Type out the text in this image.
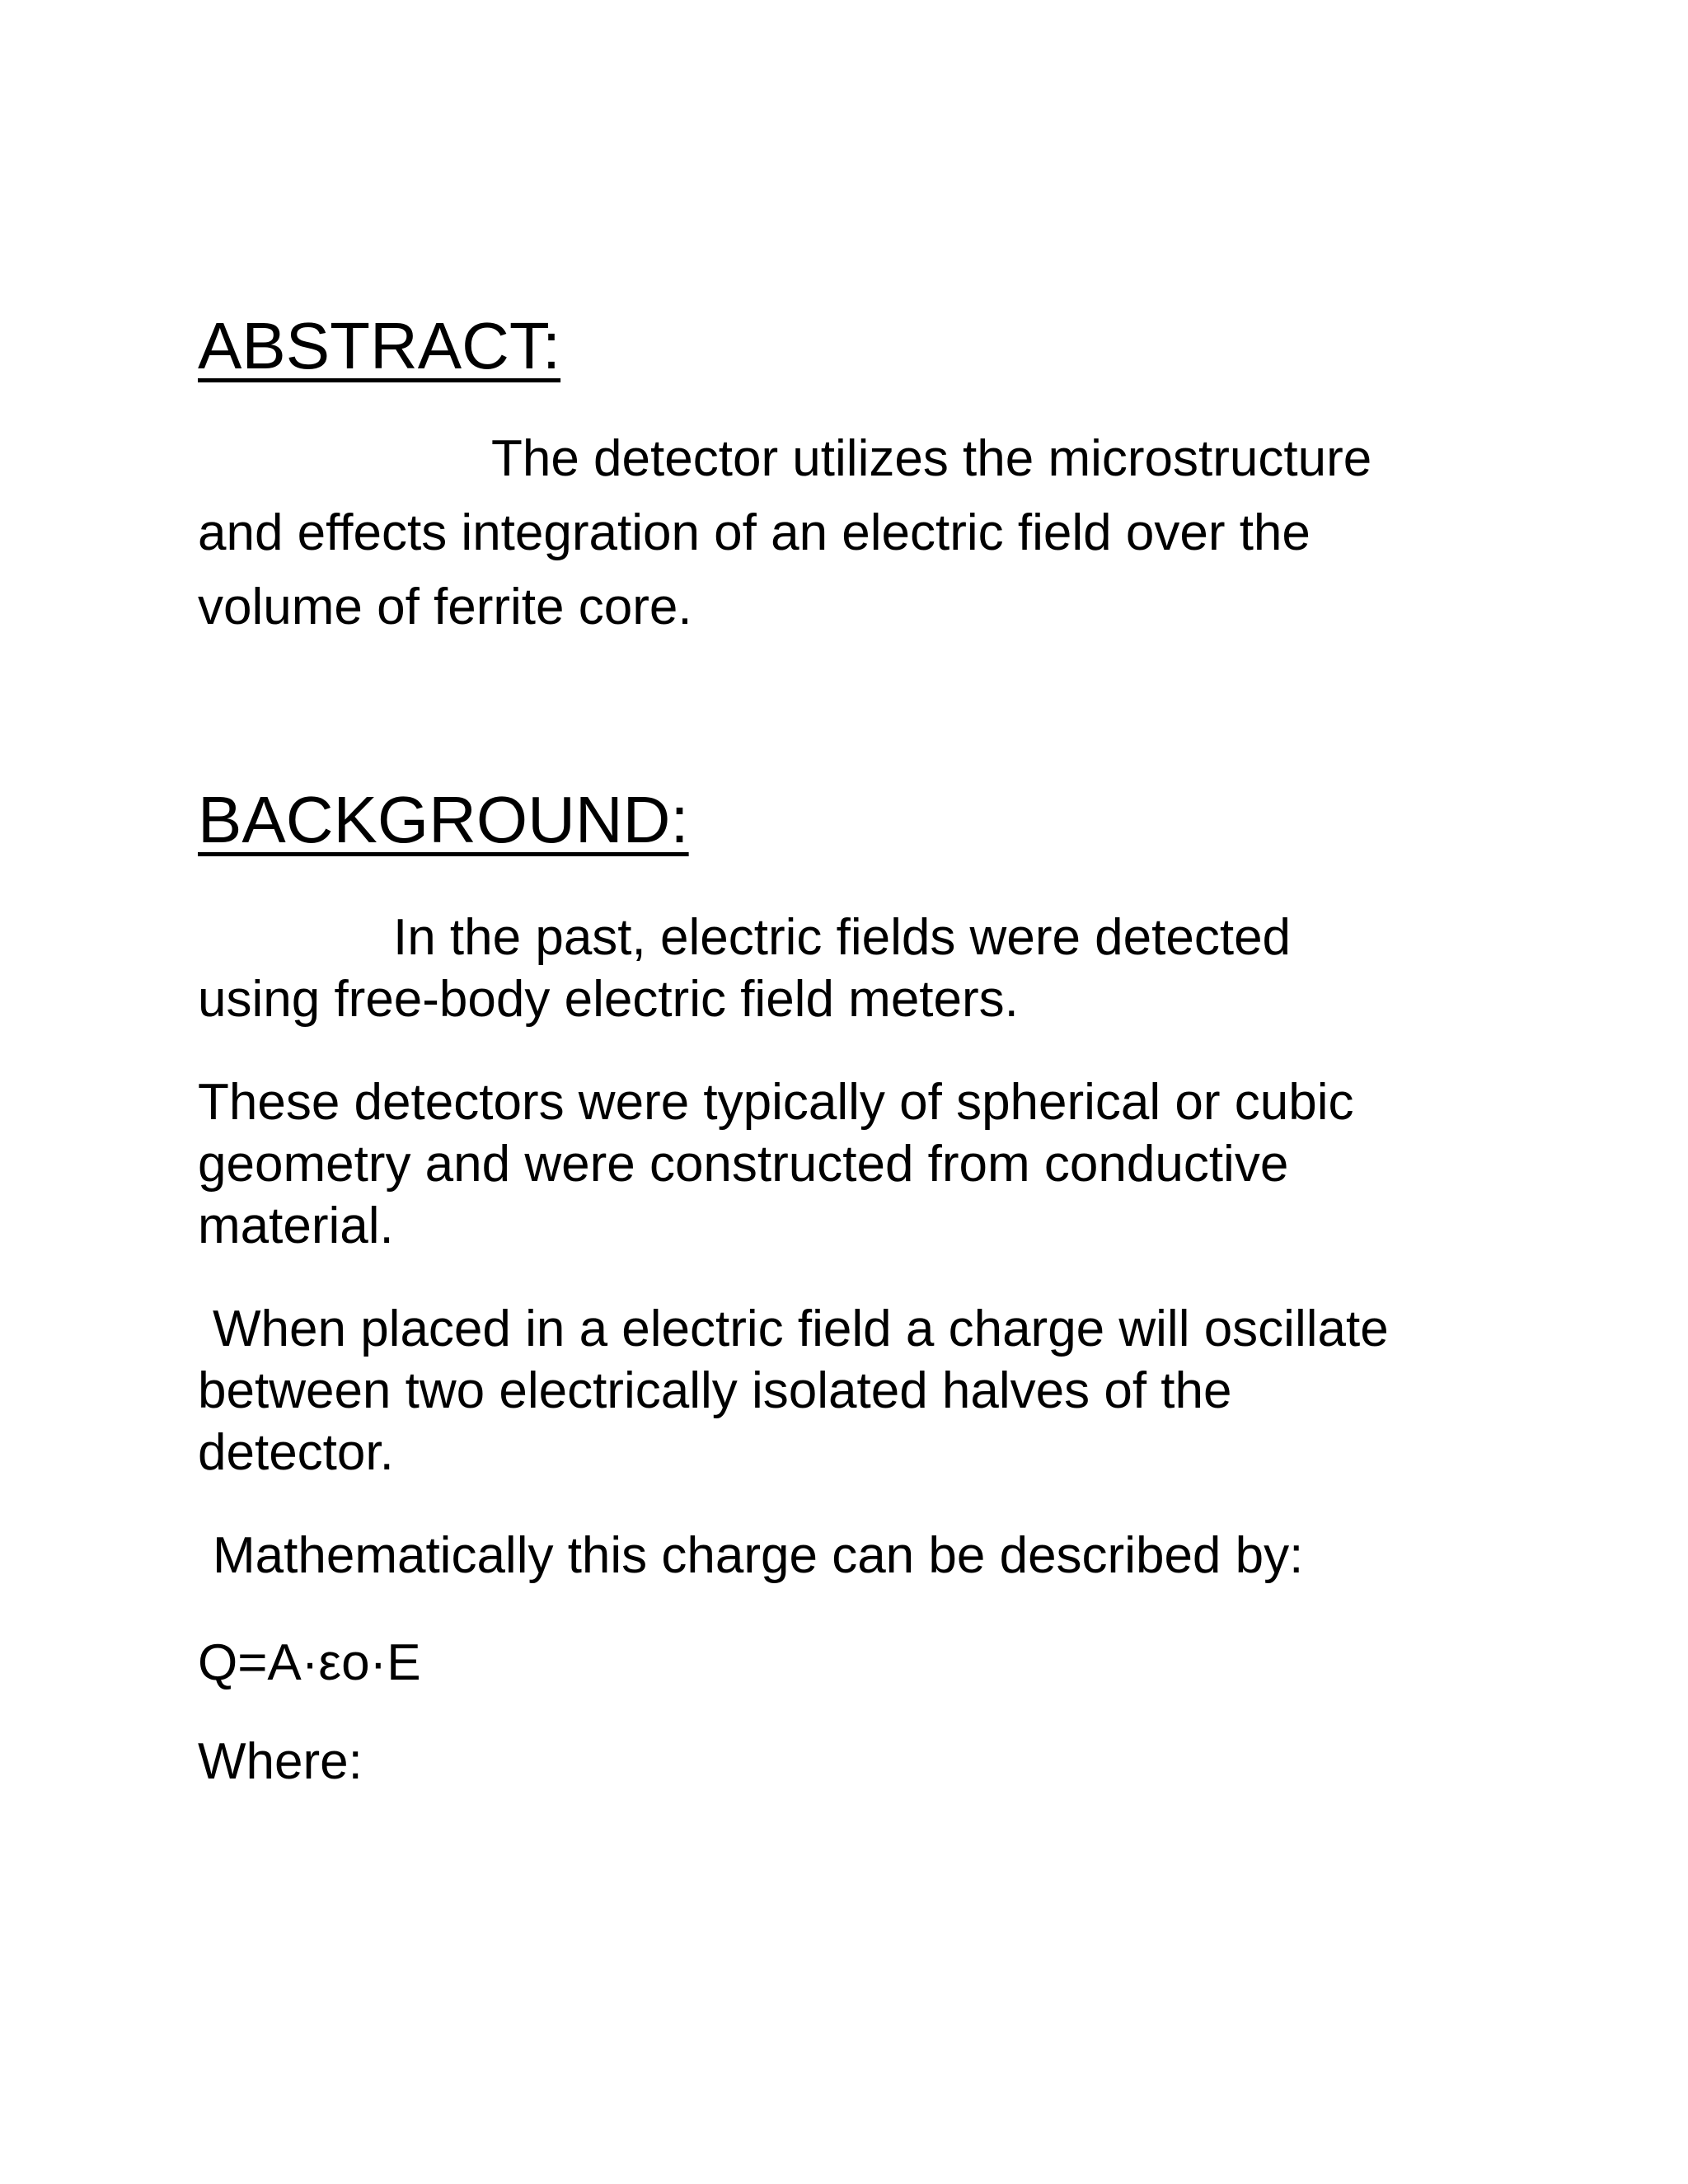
ABSTRACT:

The detector utilizes the microstructure
and effects integration of an electric field over the
volume of ferrite core.

BACKGROUND:

In the past, electric fields were detected
using free-body electric field meters.

These detectors were typically of spherical or cubic
geometry and were constructed from conductive
material.

When placed in a electric field a charge will oscillate
between two electrically isolated halves of the
detector.

Mathematically this charge can be described by:

Q=A·εo·E

Where:
